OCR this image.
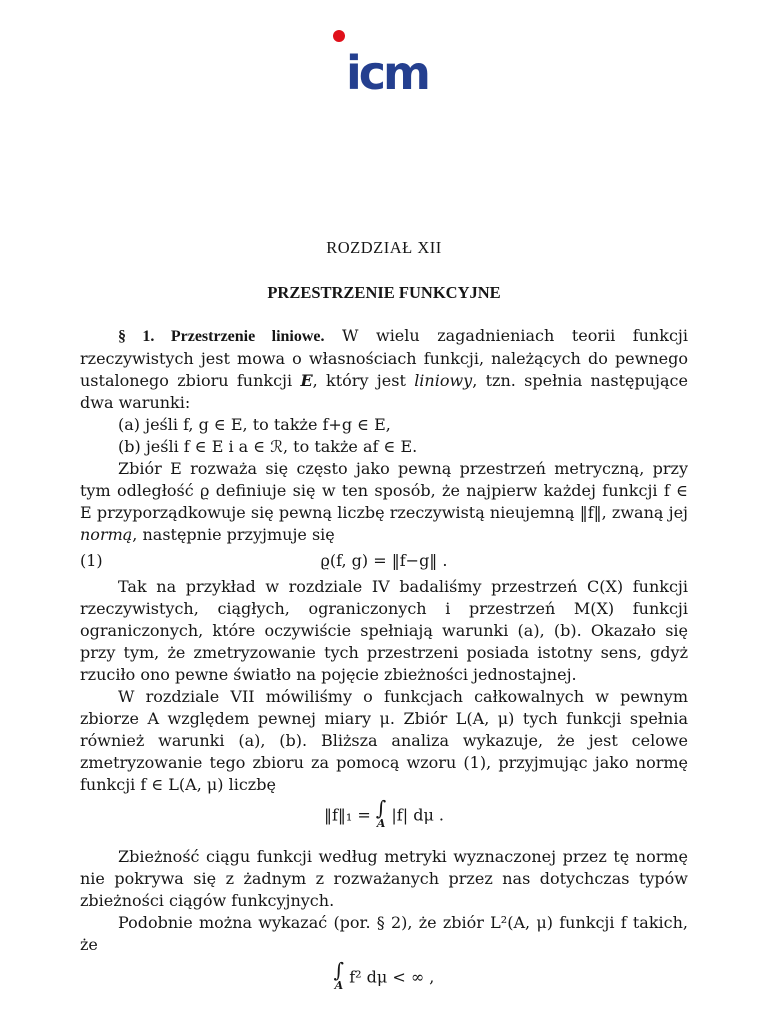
icm
ROZDZIAŁ XII
PRZESTRZENIE FUNKCYJNE

§ 1. Przestrzenie liniowe. W wielu zagadnieniach teorii funkcji rzeczywistych jest mowa o własnościach funkcji, należących do pewnego ustalonego zbioru funkcji E, który jest liniowy, tzn. spełnia następujące dwa warunki:

(a) jeśli f, g ∈ E, to także f+g ∈ E,

(b) jeśli f ∈ E i a ∈ ℛ, to także af ∈ E.

Zbiór E rozważa się często jako pewną przestrzeń metryczną, przy tym odległość ϱ definiuje się w ten sposób, że najpierw każdej funkcji f ∈ E przyporządkowuje się pewną liczbę rzeczywistą nieujemną ‖f‖, zwaną jej normą, następnie przyjmuje się

(1)	ϱ(f, g) = ‖f−g‖ .

Tak na przykład w rozdziale IV badaliśmy przestrzeń C(X) funkcji rzeczywistych, ciągłych, ograniczonych i przestrzeń M(X) funkcji ograniczonych, które oczywiście spełniają warunki (a), (b). Okazało się przy tym, że zmetryzowanie tych przestrzeni posiada istotny sens, gdyż rzuciło ono pewne światło na pojęcie zbieżności jednostajnej.

W rozdziale VII mówiliśmy o funkcjach całkowalnych w pewnym zbiorze A względem pewnej miary μ. Zbiór L(A, μ) tych funkcji spełnia również warunki (a), (b). Bliższa analiza wykazuje, że jest celowe zmetryzowanie tego zbioru za pomocą wzoru (1), przyjmując jako normę funkcji f ∈ L(A, μ) liczbę

‖f‖₁ = ∫
A |f| dμ .

Zbieżność ciągu funkcji według metryki wyznaczonej przez tę normę nie pokrywa się z żadnym z rozważanych przez nas dotychczas typów zbieżności ciągów funkcyjnych.

Podobnie można wykazać (por. § 2), że zbiór L²(A, μ) funkcji f takich, że

∫
A f² dμ < ∞ ,
